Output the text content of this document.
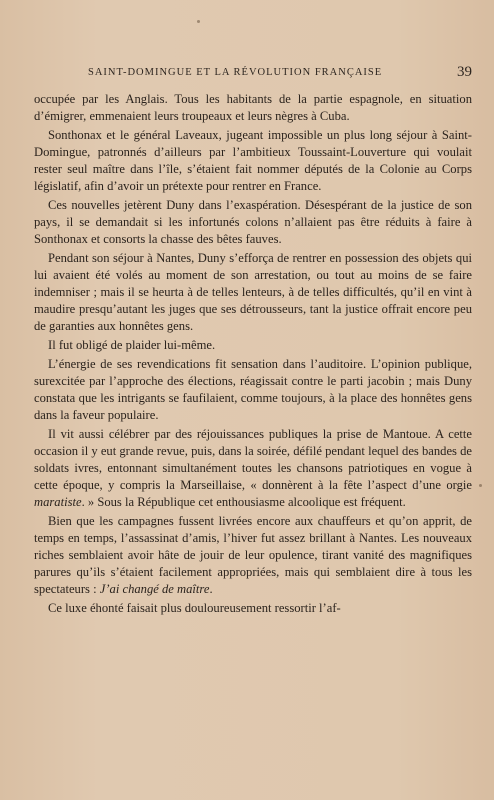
SAINT-DOMINGUE ET LA RÉVOLUTION FRANÇAISE	39

occupée par les Anglais. Tous les habitants de la partie espagnole, en situation d’émigrer, emmenaient leurs troupeaux et leurs nègres à Cuba.

Sonthonax et le général Laveaux, jugeant impossible un plus long séjour à Saint-Domingue, patronnés d’ailleurs par l’ambitieux Toussaint-Louverture qui voulait rester seul maître dans l’île, s’étaient fait nommer députés de la Colonie au Corps législatif, afin d’avoir un prétexte pour rentrer en France.

Ces nouvelles jetèrent Duny dans l’exaspération. Désespérant de la justice de son pays, il se demandait si les infortunés colons n’allaient pas être réduits à faire à Sonthonax et consorts la chasse des bêtes fauves.

Pendant son séjour à Nantes, Duny s’efforça de rentrer en possession des objets qui lui avaient été volés au moment de son arrestation, ou tout au moins de se faire indemniser ; mais il se heurta à de telles lenteurs, à de telles difficultés, qu’il en vint à maudire presqu’autant les juges que ses détrousseurs, tant la justice offrait encore peu de garanties aux honnêtes gens.

Il fut obligé de plaider lui-même.

L’énergie de ses revendications fit sensation dans l’auditoire. L’opinion publique, surexcitée par l’approche des élections, réagissait contre le parti jacobin ; mais Duny constata que les intrigants se faufilaient, comme toujours, à la place des honnêtes gens dans la faveur populaire.

Il vit aussi célébrer par des réjouissances publiques la prise de Mantoue. A cette occasion il y eut grande revue, puis, dans la soirée, défilé pendant lequel des bandes de soldats ivres, entonnant simultanément toutes les chansons patriotiques en vogue à cette époque, y compris la Marseillaise, « donnèrent à la fête l’aspect d’une orgie maratiste. » Sous la République cet enthousiasme alcoolique est fréquent.

Bien que les campagnes fussent livrées encore aux chauffeurs et qu’on apprit, de temps en temps, l’assassinat d’amis, l’hiver fut assez brillant à Nantes. Les nouveaux riches semblaient avoir hâte de jouir de leur opulence, tirant vanité des magnifiques parures qu’ils s’étaient facilement appropriées, mais qui semblaient dire à tous les spectateurs : J’ai changé de maître.

Ce luxe éhonté faisait plus douloureusement ressortir l’af-
